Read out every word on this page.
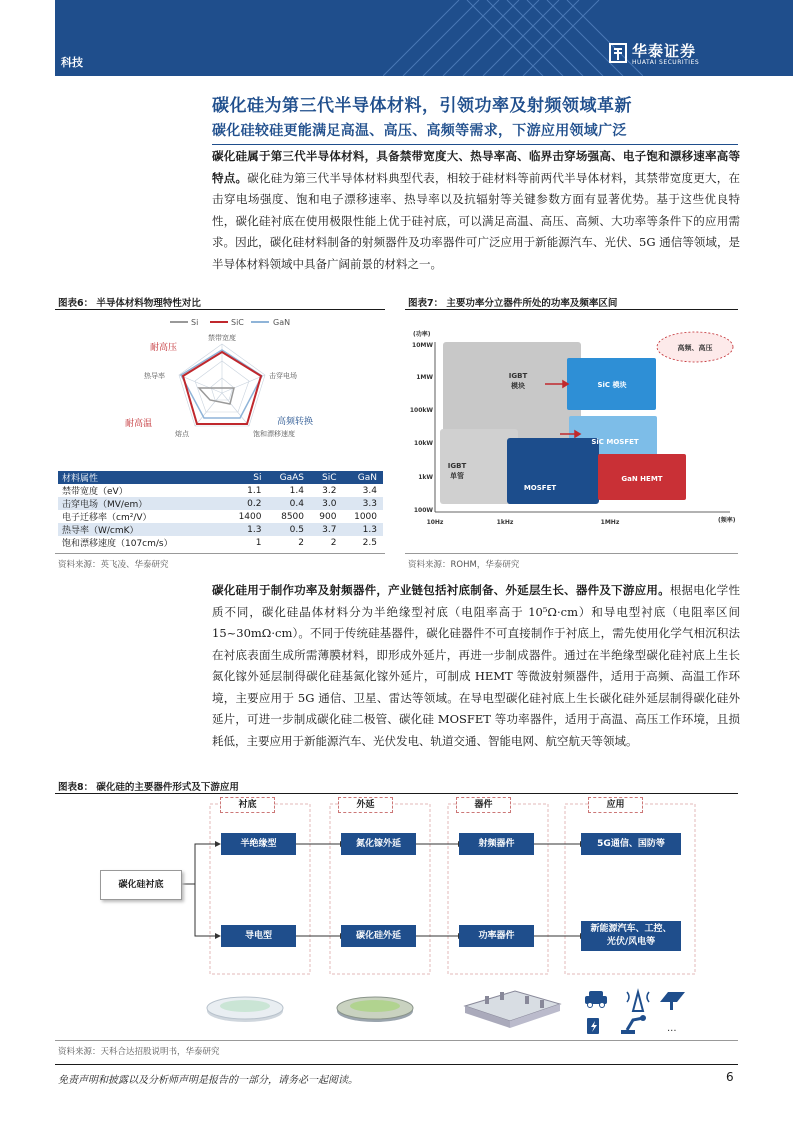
科技
华泰证券
HUATAI SECURITIES
碳化硅为第三代半导体材料，引领功率及射频领域革新
碳化硅较硅更能满足高温、高压、高频等需求，下游应用领域广泛
碳化硅属于第三代半导体材料，具备禁带宽度大、热导率高、临界击穿场强高、电子饱和漂移速率高等特点。碳化硅为第三代半导体材料典型代表，相较于硅材料等前两代半导体材料，其禁带宽度更大，在击穿电场强度、饱和电子漂移速率、热导率以及抗辐射等关键参数方面有显著优势。基于这些优良特性，碳化硅衬底在使用极限性能上优于硅衬底，可以满足高温、高压、高频、大功率等条件下的应用需求。因此，碳化硅材料制备的射频器件及功率器件可广泛应用于新能源汽车、光伏、5G 通信等领域，是半导体材料领域中具备广阔前景的材料之一。
图表6： 半导体材料物理特性对比
Si	SiC	GaN
禁带宽度
击穿电场
饱和漂移速度
熔点
热导率
耐高压
耐高温	高频转换
材料属性	Si	GaAS	SiC	GaN
禁带宽度（eV）	1.1	1.4	3.2	3.4
击穿电场（MV/em）	0.2	0.4	3.0	3.3
电子迁移率（cm²/V）	1400	8500	900	1000
热导率（W/cmK）	1.3	0.5	3.7	1.3
饱和漂移速度（107cm/s）	1	2	2	2.5
资料来源：英飞凌、华泰研究
图表7： 主要功率分立器件所处的功率及频率区间
(功率)
(频率)
10MW
1MW
100kW
10kW
1kW
100W
10Hz	1kHz	1MHz
IGBT 模块	SiC 模块
SiC MOSFET
IGBT 单管
MOSFET
GaN HEMT
高频、高压
资料来源：ROHM，华泰研究
碳化硅用于制作功率及射频器件，产业链包括衬底制备、外延层生长、器件及下游应用。根据电化学性质不同，碳化硅晶体材料分为半绝缘型衬底（电阻率高于 10⁵Ω·cm）和导电型衬底（电阻率区间 15~30mΩ·cm）。不同于传统硅基器件，碳化硅器件不可直接制作于衬底上，需先使用化学气相沉积法在衬底表面生成所需薄膜材料，即形成外延片，再进一步制成器件。通过在半绝缘型碳化硅衬底上生长氮化镓外延层制得碳化硅基氮化镓外延片，可制成 HEMT 等微波射频器件，适用于高频、高温工作环境，主要应用于 5G 通信、卫星、雷达等领域。在导电型碳化硅衬底上生长碳化硅外延层制得碳化硅外延片，可进一步制成碳化硅二极管、碳化硅 MOSFET 等功率器件，适用于高温、高压工作环境，且损耗低，主要应用于新能源汽车、光伏发电、轨道交通、智能电网、航空航天等领域。
图表8： 碳化硅的主要器件形式及下游应用
...
衬底	外延	器件	应用
碳化硅衬底
半绝缘型	氮化镓外延	射频器件	5G通信、国防等
导电型	碳化硅外延	功率器件
新能源汽车、工控、
光伏/风电等
资料来源：天科合达招股说明书，华泰研究
免责声明和披露以及分析师声明是报告的一部分，请务必一起阅读。	6
